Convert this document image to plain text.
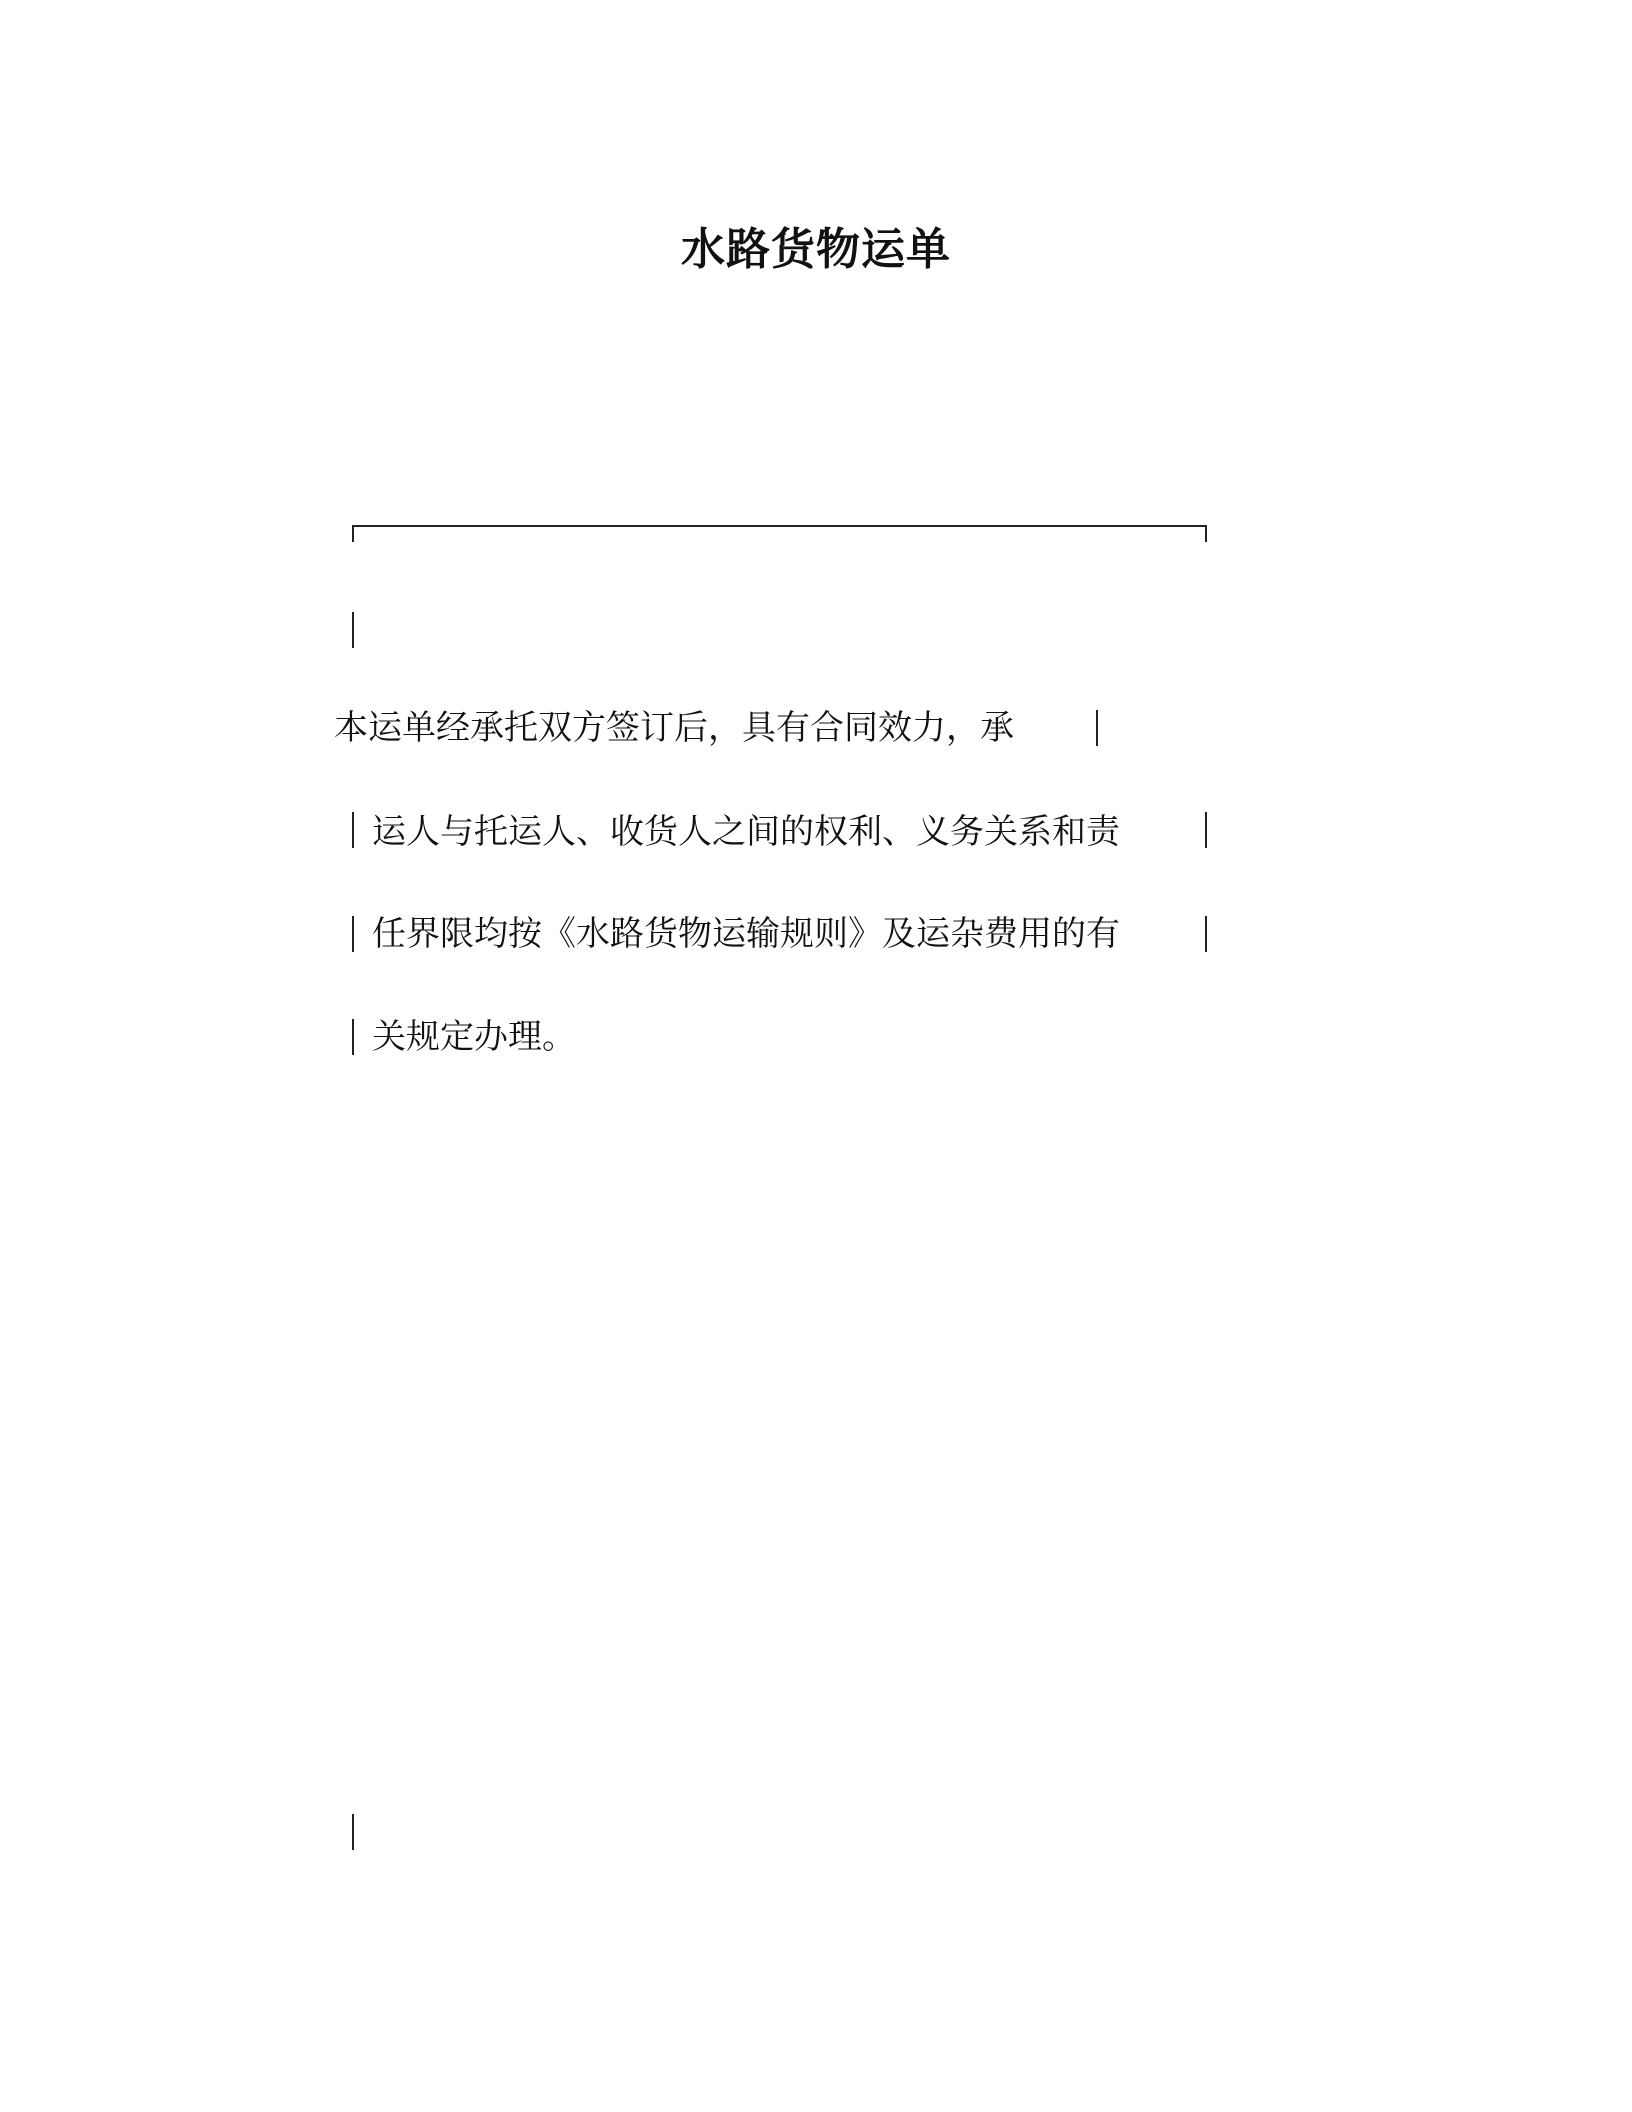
水路货物运单
本运单经承托双方签订后，具有合同效力，承
运人与托运人、收货人之间的权利、义务关系和责
任界限均按《水路货物运输规则》及运杂费用的有
关规定办理。
